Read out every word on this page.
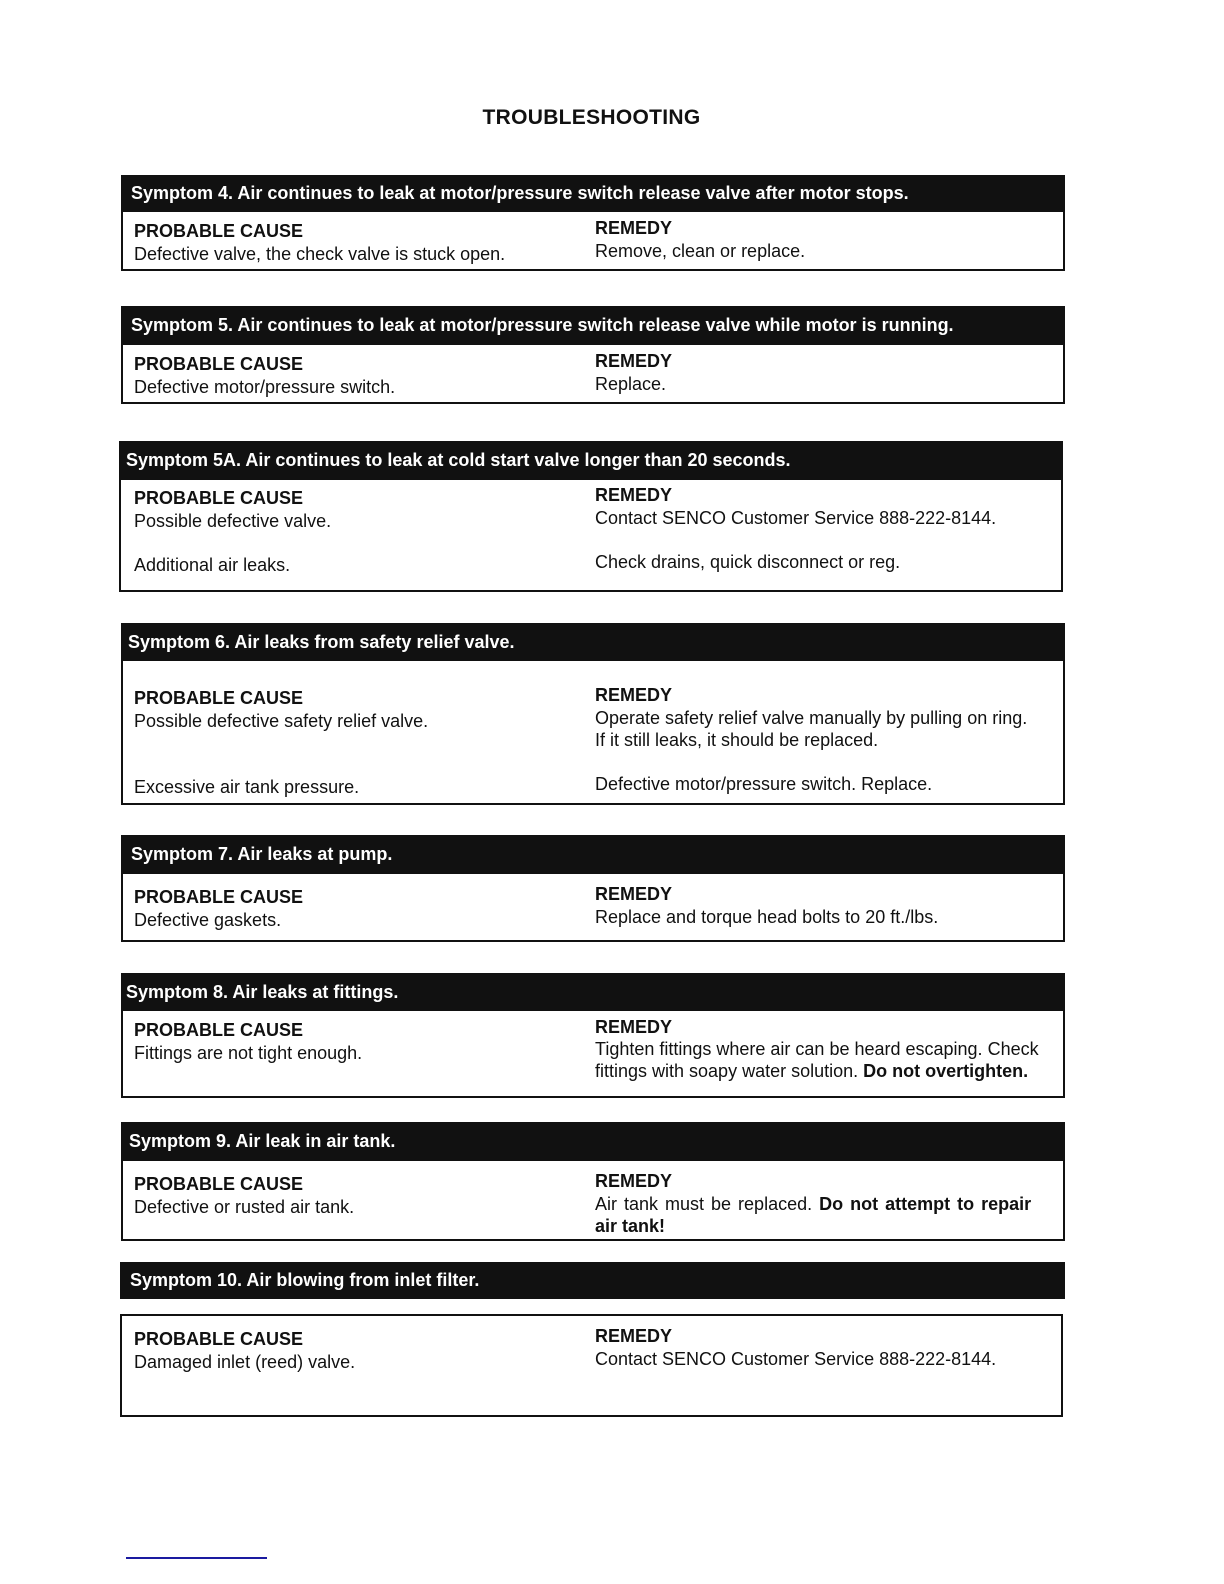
TROUBLESHOOTING
Symptom 4. Air continues to leak at motor/pressure switch release valve after motor stops.
PROBABLE CAUSE
Defective valve, the check valve is stuck open.
REMEDY
Remove, clean or replace.
Symptom 5. Air continues to leak at motor/pressure switch release valve while motor is running.
PROBABLE CAUSE
Defective motor/pressure switch.
REMEDY
Replace.
Symptom 5A. Air continues to leak at cold start valve longer than 20 seconds.
PROBABLE CAUSE
Possible defective valve.
Additional air leaks.
REMEDY
Contact SENCO Customer Service 888-222-8144.
Check drains, quick disconnect or reg.
Symptom 6. Air leaks from safety relief valve.
PROBABLE CAUSE
Possible defective safety relief valve.
Excessive air tank pressure.
REMEDY
Operate safety relief valve manually by pulling on ring.
If it still leaks, it should be replaced.
Defective motor/pressure switch. Replace.
Symptom 7. Air leaks at pump.
PROBABLE CAUSE
Defective gaskets.
REMEDY
Replace and torque head bolts to 20 ft./lbs.
Symptom 8. Air leaks at fittings.
PROBABLE CAUSE
Fittings are not tight enough.
REMEDY
Tighten fittings where air can be heard escaping. Check
fittings with soapy water solution. Do not overtighten.
Symptom 9. Air leak in air tank.
PROBABLE CAUSE
Defective or rusted air tank.
REMEDY
Air tank must be replaced. Do not attempt to repair
air tank!
Symptom 10. Air blowing from inlet filter.
PROBABLE CAUSE
Damaged inlet (reed) valve.
REMEDY
Contact SENCO Customer Service 888-222-8144.
